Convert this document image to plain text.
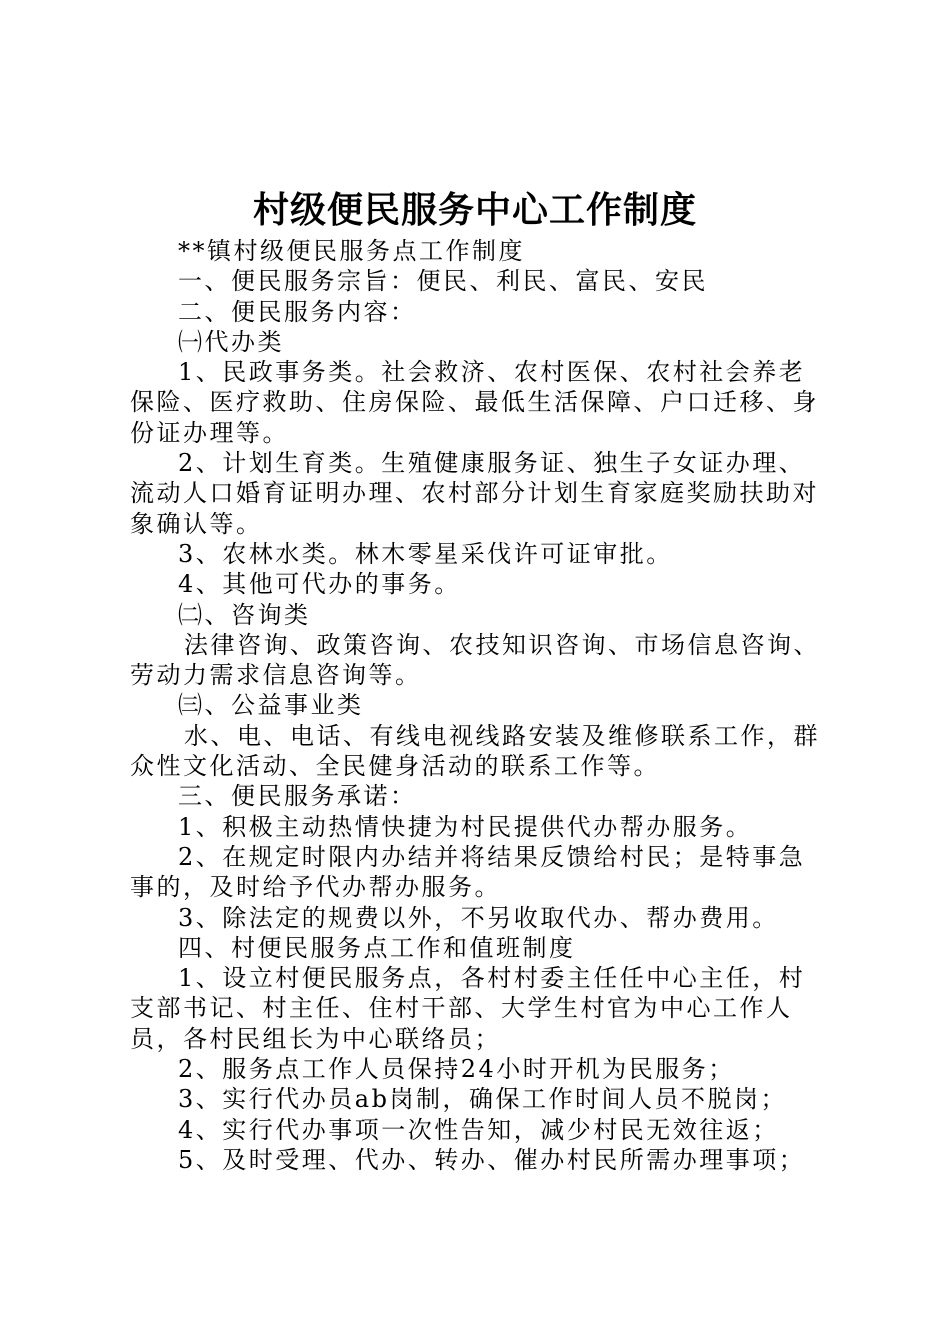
村级便民服务中心工作制度

**镇村级便民服务点工作制度

一、便民服务宗旨：便民、利民、富民、安民

二、便民服务内容：

㈠代办类

1、民政事务类。社会救济、农村医保、农村社会养老保险、医疗救助、住房保险、最低生活保障、户口迁移、身份证办理等。

2、计划生育类。生殖健康服务证、独生子女证办理、流动人口婚育证明办理、农村部分计划生育家庭奖励扶助对象确认等。

3、农林水类。林木零星采伐许可证审批。

4、其他可代办的事务。

㈡、咨询类

法律咨询、政策咨询、农技知识咨询、市场信息咨询、劳动力需求信息咨询等。

㈢、公益事业类

水、电、电话、有线电视线路安装及维修联系工作，群众性文化活动、全民健身活动的联系工作等。

三、便民服务承诺：

1、积极主动热情快捷为村民提供代办帮办服务。

2、在规定时限内办结并将结果反馈给村民；是特事急事的，及时给予代办帮办服务。

3、除法定的规费以外，不另收取代办、帮办费用。

四、村便民服务点工作和值班制度

1、设立村便民服务点，各村村委主任任中心主任，村支部书记、村主任、住村干部、大学生村官为中心工作人员，各村民组长为中心联络员；

2、服务点工作人员保持24小时开机为民服务；

3、实行代办员ab岗制，确保工作时间人员不脱岗；

4、实行代办事项一次性告知，减少村民无效往返；

5、及时受理、代办、转办、催办村民所需办理事项；
